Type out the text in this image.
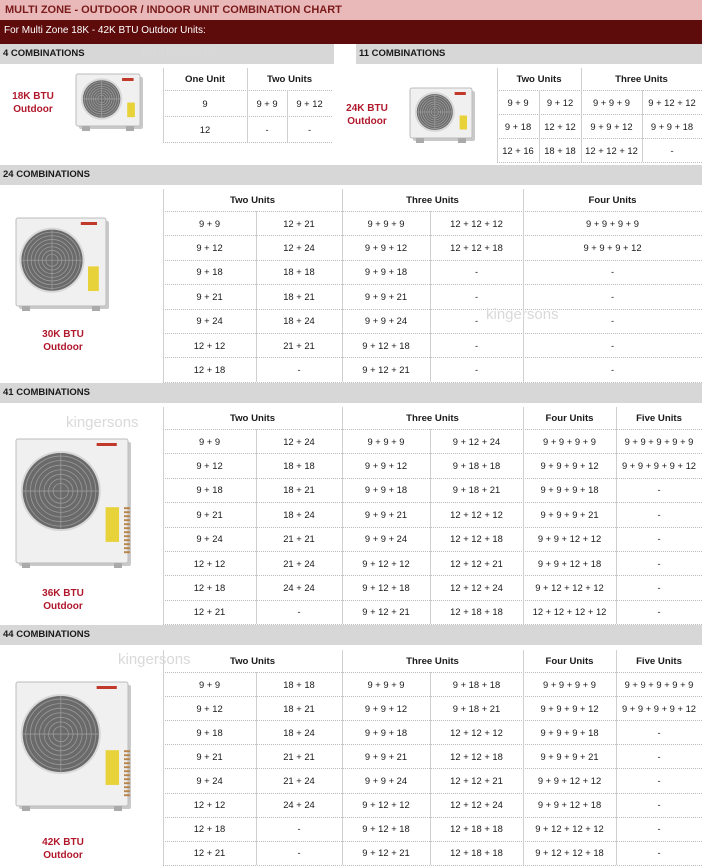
MULTI ZONE - OUTDOOR / INDOOR UNIT COMBINATION CHART
For Multi Zone 18K - 42K BTU Outdoor Units:
4 COMBINATIONS	11 COMBINATIONS
18K BTU
Outdoor
One Unit	Two Units
9	9 + 9	9 + 12
12	-	-
24K BTU
Outdoor
Two Units	Three Units
9 + 9	9 + 12	9 + 9 + 9	9 + 12 + 12
9 + 18	12 + 12	9 + 9 + 12	9 + 9 + 18
12 + 16	18 + 18	12 + 12 + 12	-
24 COMBINATIONS
30K BTU
Outdoor
Two Units	Three Units	Four Units
9 + 9	12 + 21	9 + 9 + 9	12 + 12 + 12	9 + 9 + 9 + 9
9 + 12	12 + 24	9 + 9 + 12	12 + 12 + 18	9 + 9 + 9 + 12
9 + 18	18 + 18	9 + 9 + 18	-	-
9 + 21	18 + 21	9 + 9 + 21	-	-
9 + 24	18 + 24	9 + 9 + 24	-	-
12 + 12	21 + 21	9 + 12 + 18	-	-
12 + 18	-	9 + 12 + 21	-	-
41 COMBINATIONS
36K BTU
Outdoor
Two Units	Three Units	Four Units	Five Units
9 + 9	12 + 24	9 + 9 + 9	9 + 12 + 24	9 + 9 + 9 + 9	9 + 9 + 9 + 9 + 9
9 + 12	18 + 18	9 + 9 + 12	9 + 18 + 18	9 + 9 + 9 + 12	9 + 9 + 9 + 9 + 12
9 + 18	18 + 21	9 + 9 + 18	9 + 18 + 21	9 + 9 + 9 + 18	-
9 + 21	18 + 24	9 + 9 + 21	12 + 12 + 12	9 + 9 + 9 + 21	-
9 + 24	21 + 21	9 + 9 + 24	12 + 12 + 18	9 + 9 + 12 + 12	-
12 + 12	21 + 24	9 + 12 + 12	12 + 12 + 21	9 + 9 + 12 + 18	-
12 + 18	24 + 24	9 + 12 + 18	12 + 12 + 24	9 + 12 + 12 + 12	-
12 + 21	-	9 + 12 + 21	12 + 18 + 18	12 + 12 + 12 + 12	-
44 COMBINATIONS
42K BTU
Outdoor
Two Units	Three Units	Four Units	Five Units
9 + 9	18 + 18	9 + 9 + 9	9 + 18 + 18	9 + 9 + 9 + 9	9 + 9 + 9 + 9 + 9
9 + 12	18 + 21	9 + 9 + 12	9 + 18 + 21	9 + 9 + 9 + 12	9 + 9 + 9 + 9 + 12
9 + 18	18 + 24	9 + 9 + 18	12 + 12 + 12	9 + 9 + 9 + 18	-
9 + 21	21 + 21	9 + 9 + 21	12 + 12 + 18	9 + 9 + 9 + 21	-
9 + 24	21 + 24	9 + 9 + 24	12 + 12 + 21	9 + 9 + 12 + 12	-
12 + 12	24 + 24	9 + 12 + 12	12 + 12 + 24	9 + 9 + 12 + 18	-
12 + 18	-	9 + 12 + 18	12 + 18 + 18	9 + 12 + 12 + 12	-
12 + 21	-	9 + 12 + 21	12 + 18 + 18	9 + 12 + 12 + 18	-
kingersons
kingersons
kingersons
kingersons
